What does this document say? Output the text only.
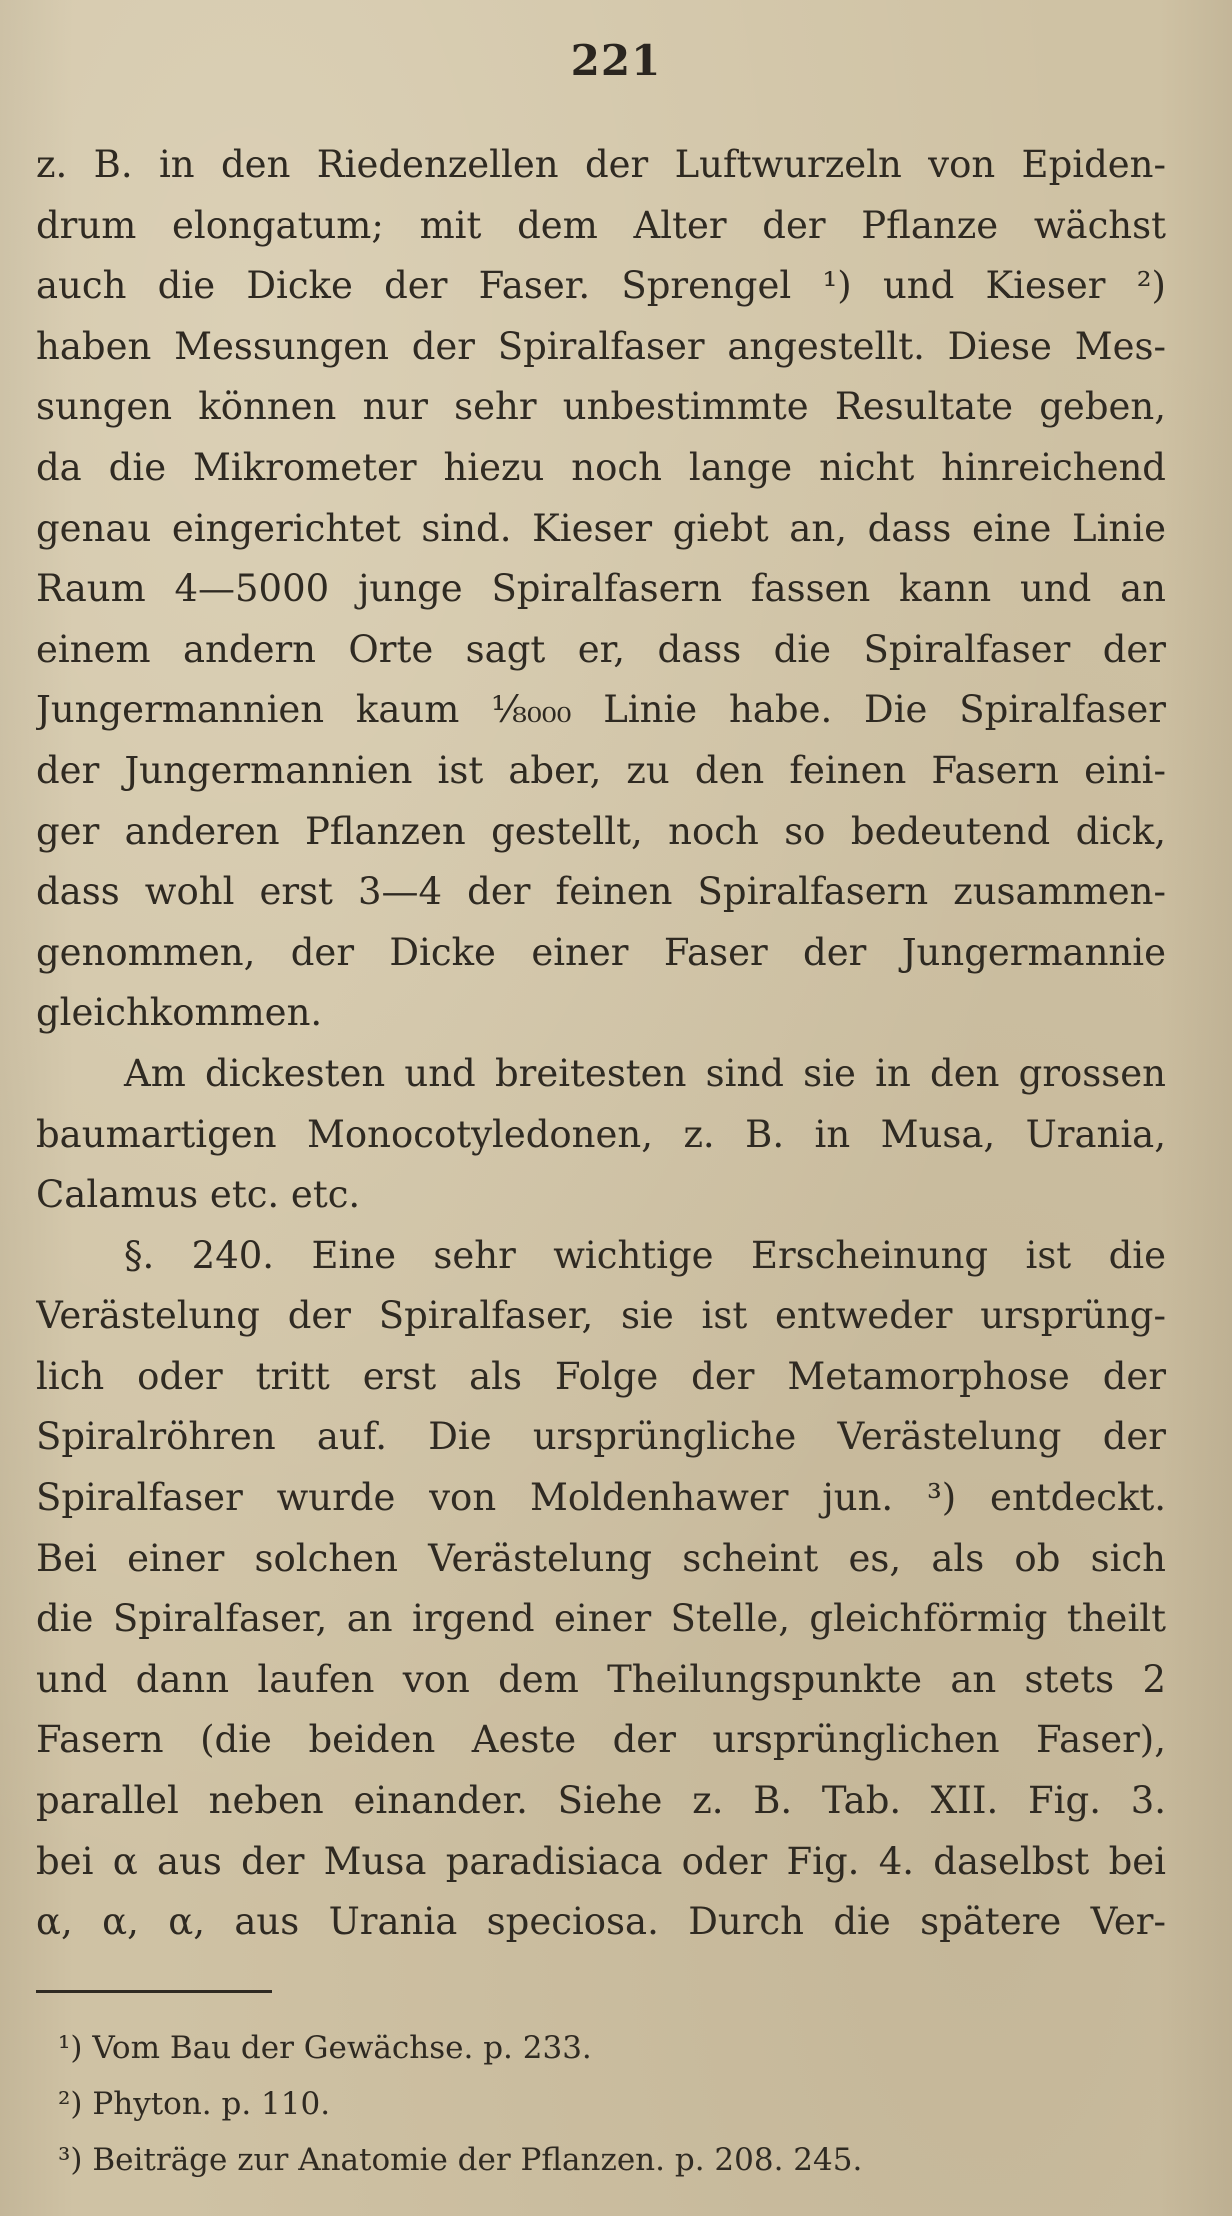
221
z. B. in den Riedenzellen der Luftwurzeln von Epiden-
drum elongatum; mit dem Alter der Pflanze wächst
auch die Dicke der Faser. Sprengel ¹) und Kieser ²)
haben Messungen der Spiralfaser angestellt. Diese Mes-
sungen können nur sehr unbestimmte Resultate geben,
da die Mikrometer hiezu noch lange nicht hinreichend
genau eingerichtet sind. Kieser giebt an, dass eine Linie
Raum 4—5000 junge Spiralfasern fassen kann und an
einem andern Orte sagt er, dass die Spiralfaser der
Jungermannien kaum ¹⁄₈₀₀₀ Linie habe. Die Spiralfaser
der Jungermannien ist aber, zu den feinen Fasern eini-
ger anderen Pflanzen gestellt, noch so bedeutend dick,
dass wohl erst 3—4 der feinen Spiralfasern zusammen-
genommen, der Dicke einer Faser der Jungermannie
gleichkommen.
Am dickesten und breitesten sind sie in den grossen
baumartigen Monocotyledonen, z. B. in Musa, Urania,
Calamus etc. etc.
§. 240. Eine sehr wichtige Erscheinung ist die
Verästelung der Spiralfaser, sie ist entweder ursprüng-
lich oder tritt erst als Folge der Metamorphose der
Spiralröhren auf. Die ursprüngliche Verästelung der
Spiralfaser wurde von Moldenhawer jun. ³) entdeckt.
Bei einer solchen Verästelung scheint es, als ob sich
die Spiralfaser, an irgend einer Stelle, gleichförmig theilt
und dann laufen von dem Theilungspunkte an stets 2
Fasern (die beiden Aeste der ursprünglichen Faser),
parallel neben einander. Siehe z. B. Tab. XII. Fig. 3.
bei α aus der Musa paradisiaca oder Fig. 4. daselbst bei
α, α, α, aus Urania speciosa. Durch die spätere Ver-
¹) Vom Bau der Gewächse. p. 233.
²) Phyton. p. 110.
³) Beiträge zur Anatomie der Pflanzen. p. 208. 245.
